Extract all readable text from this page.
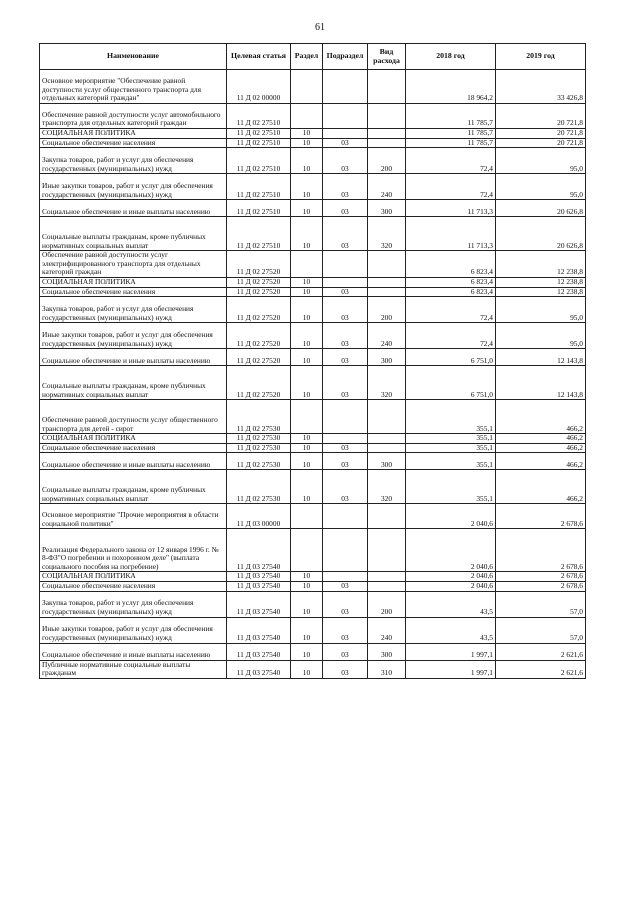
61
Наименование	Целевая статья	Раздел	Подраздел	Вид расхода	2018 год	2019 год
Основное мероприятие "Обеспечение равной доступности услуг общественного транспорта для отдельных категорий граждан"	11 Д 02 00000				18 964,2	33 426,8
Обеспечение равной доступности услуг автомобильного транспорта для отдельных категорий граждан	11 Д 02 27510				11 785,7	20 721,8
СОЦИАЛЬНАЯ ПОЛИТИКА	11 Д 02 27510	10			11 785,7	20 721,8
Социальное обеспечение населения	11 Д 02 27510	10	03		11 785,7	20 721,8
Закупка товаров, работ и услуг для обеспечения государственных (муниципальных) нужд	11 Д 02 27510	10	03	200	72,4	95,0
Иные закупки товаров, работ и услуг для обеспечения государственных (муниципальных) нужд	11 Д 02 27510	10	03	240	72,4	95,0
Социальное обеспечение и иные выплаты населению	11 Д 02 27510	10	03	300	11 713,3	20 626,8
Социальные выплаты гражданам, кроме публичных нормативных социальных выплат	11 Д 02 27510	10	03	320	11 713,3	20 626,8
Обеспечение равной доступности услуг электрифицированного транспорта для отдельных категорий граждан	11 Д 02 27520				6 823,4	12 238,8
СОЦИАЛЬНАЯ ПОЛИТИКА	11 Д 02 27520	10			6 823,4	12 238,8
Социальное обеспечение населения	11 Д 02 27520	10	03		6 823,4	12 238,8
Закупка товаров, работ и услуг для обеспечения государственных (муниципальных) нужд	11 Д 02 27520	10	03	200	72,4	95,0
Иные закупки товаров, работ и услуг для обеспечения государственных (муниципальных) нужд	11 Д 02 27520	10	03	240	72,4	95,0
Социальное обеспечение и иные выплаты населению	11 Д 02 27520	10	03	300	6 751,0	12 143,8
Социальные выплаты гражданам, кроме публичных нормативных социальных выплат	11 Д 02 27520	10	03	320	6 751,0	12 143,8
Обеспечение равной доступности услуг общественного транспорта для детей - сирот	11 Д 02 27530				355,1	466,2
СОЦИАЛЬНАЯ ПОЛИТИКА	11 Д 02 27530	10			355,1	466,2
Социальное обеспечение населения	11 Д 02 27530	10	03		355,1	466,2
Социальное обеспечение и иные выплаты населению	11 Д 02 27530	10	03	300	355,1	466,2
Социальные выплаты гражданам, кроме публичных нормативных социальных выплат	11 Д 02 27530	10	03	320	355,1	466,2
Основное мероприятие "Прочие мероприятия в области социальной политики"	11 Д 03 00000				2 040,6	2 678,6
Реализация Федерального закона от 12 января 1996 г. № 8-ФЗ"О погребении и похоронном деле" (выплата социального пособия на погребение)	11 Д 03 27540				2 040,6	2 678,6
СОЦИАЛЬНАЯ ПОЛИТИКА	11 Д 03 27540	10			2 040,6	2 678,6
Социальное обеспечение населения	11 Д 03 27540	10	03		2 040,6	2 678,6
Закупка товаров, работ и услуг для обеспечения государственных (муниципальных) нужд	11 Д 03 27540	10	03	200	43,5	57,0
Иные закупки товаров, работ и услуг для обеспечения государственных (муниципальных) нужд	11 Д 03 27540	10	03	240	43,5	57,0
Социальное обеспечение и иные выплаты населению	11 Д 03 27540	10	03	300	1 997,1	2 621,6
Публичные нормативные социальные выплаты гражданам	11 Д 03 27540	10	03	310	1 997,1	2 621,6
